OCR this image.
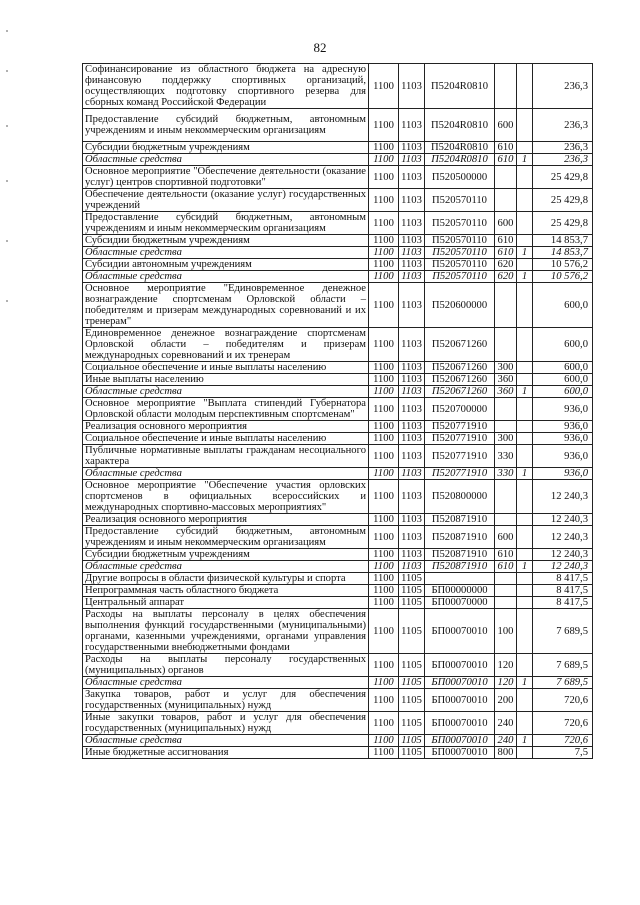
82
Софинансирование из областного бюджета на адресную финансовую поддержку спортивных организаций, осуществляющих подготовку спортивного резерва для сборных команд Российской Федерации	1100	1103	П5204R0810			236,3
Предоставление субсидий бюджетным, автономным учреждениям и иным некоммерческим организациям	1100	1103	П5204R0810	600		236,3
Субсидии бюджетным учреждениям	1100	1103	П5204R0810	610		236,3
Областные средства	1100	1103	П5204R0810	610	1	236,3
Основное мероприятие "Обеспечение деятельности (оказание услуг) центров спортивной подготовки"	1100	1103	П520500000			25 429,8
Обеспечение деятельности (оказание услуг) государственных учреждений	1100	1103	П520570110			25 429,8
Предоставление субсидий бюджетным, автономным учреждениям и иным некоммерческим организациям	1100	1103	П520570110	600		25 429,8
Субсидии бюджетным учреждениям	1100	1103	П520570110	610		14 853,7
Областные средства	1100	1103	П520570110	610	1	14 853,7
Субсидии автономным учреждениям	1100	1103	П520570110	620		10 576,2
Областные средства	1100	1103	П520570110	620	1	10 576,2
Основное мероприятие "Единовременное денежное вознаграждение спортсменам Орловской области – победителям и призерам международных соревнований и их тренерам"	1100	1103	П520600000			600,0
Единовременное денежное вознаграждение спортсменам Орловской области – победителям и призерам международных соревнований и их тренерам	1100	1103	П520671260			600,0
Социальное обеспечение и иные выплаты населению	1100	1103	П520671260	300		600,0
Иные выплаты населению	1100	1103	П520671260	360		600,0
Областные средства	1100	1103	П520671260	360	1	600,0
Основное мероприятие "Выплата стипендий Губернатора Орловской области молодым перспективным спортсменам"	1100	1103	П520700000			936,0
Реализация основного мероприятия	1100	1103	П520771910			936,0
Социальное обеспечение и иные выплаты населению	1100	1103	П520771910	300		936,0
Публичные нормативные выплаты гражданам несоциального характера	1100	1103	П520771910	330		936,0
Областные средства	1100	1103	П520771910	330	1	936,0
Основное мероприятие "Обеспечение участия орловских спортсменов в официальных всероссийских и международных спортивно-массовых мероприятиях"	1100	1103	П520800000			12 240,3
Реализация основного мероприятия	1100	1103	П520871910			12 240,3
Предоставление субсидий бюджетным, автономным учреждениям и иным некоммерческим организациям	1100	1103	П520871910	600		12 240,3
Субсидии бюджетным учреждениям	1100	1103	П520871910	610		12 240,3
Областные средства	1100	1103	П520871910	610	1	12 240,3
Другие вопросы в области физической культуры и спорта	1100	1105				8 417,5
Непрограммная часть областного бюджета	1100	1105	БП00000000			8 417,5
Центральный аппарат	1100	1105	БП00070000			8 417,5
Расходы на выплаты персоналу в целях обеспечения выполнения функций государственными (муниципальными) органами, казенными учреждениями, органами управления государственными внебюджетными фондами	1100	1105	БП00070010	100		7 689,5
Расходы на выплаты персоналу государственных (муниципальных) органов	1100	1105	БП00070010	120		7 689,5
Областные средства	1100	1105	БП00070010	120	1	7 689,5
Закупка товаров, работ и услуг для обеспечения государственных (муниципальных) нужд	1100	1105	БП00070010	200		720,6
Иные закупки товаров, работ и услуг для обеспечения государственных (муниципальных) нужд	1100	1105	БП00070010	240		720,6
Областные средства	1100	1105	БП00070010	240	1	720,6
Иные бюджетные ассигнования	1100	1105	БП00070010	800		7,5
